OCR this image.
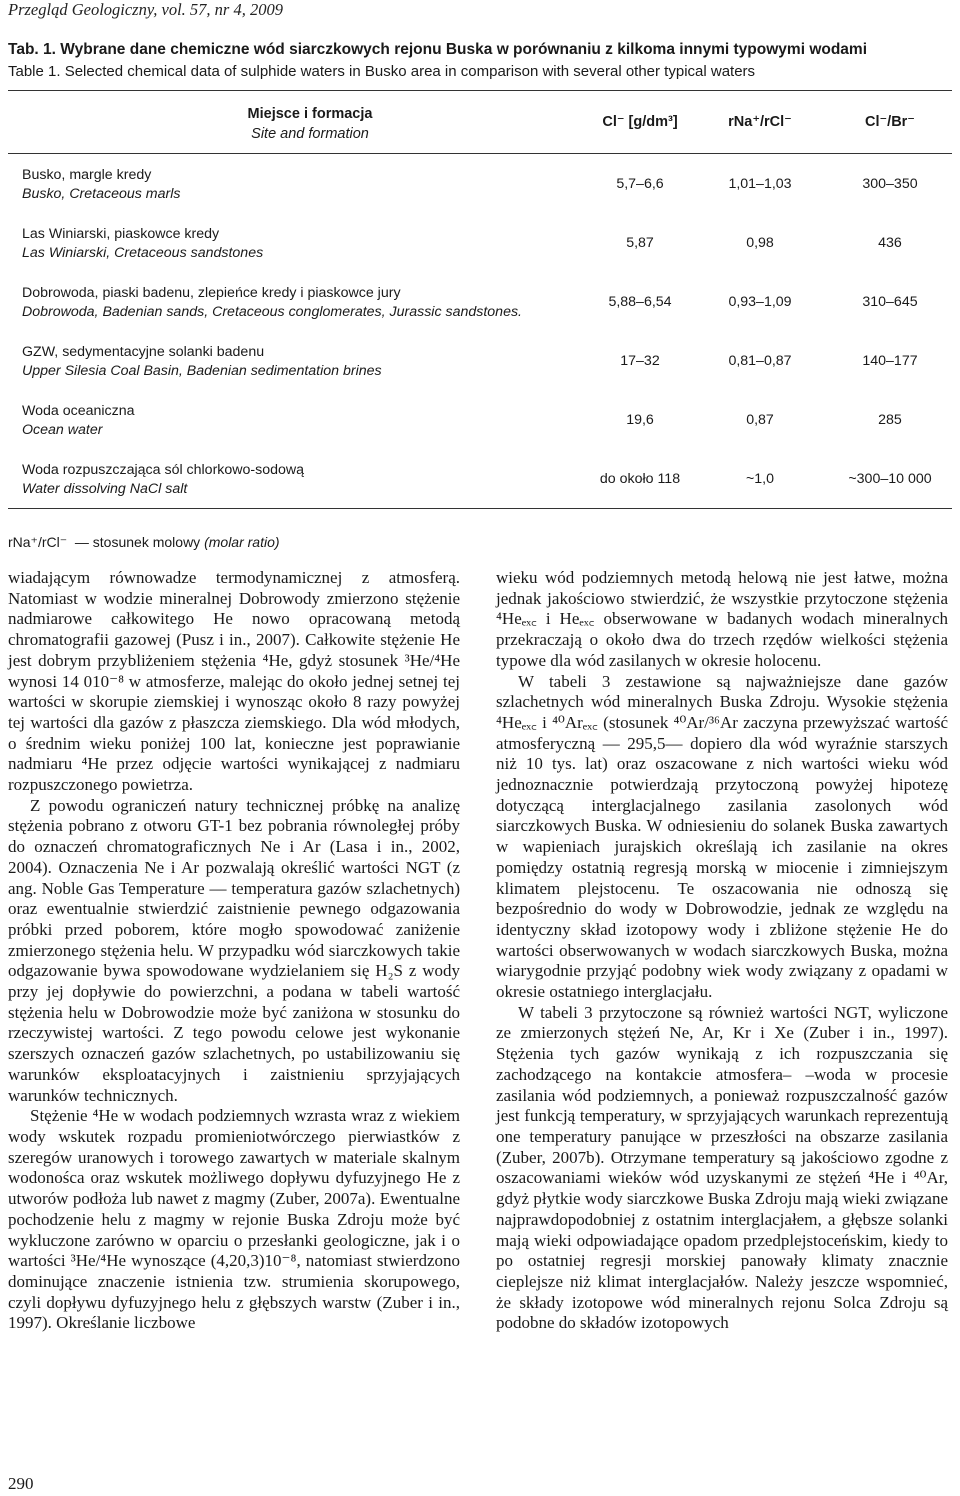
Przegląd Geologiczny, vol. 57, nr 4, 2009
Tab. 1. Wybrane dane chemiczne wód siarczkowych rejonu Buska w porównaniu z kilkoma innymi typowymi wodami
Table 1. Selected chemical data of sulphide waters in Busko area in comparison with several other typical waters
Miejsce i formacja
Site and formation
Cl⁻ [g/dm³]	rNa⁺/rCl⁻	Cl⁻/Br⁻
Busko, margle kredy
Busko, Cretaceous marls
5,7–6,6	1,01–1,03	300–350
Las Winiarski, piaskowce kredy
Las Winiarski, Cretaceous sandstones
5,87	0,98	436
Dobrowoda, piaski badenu, zlepieńce kredy i piaskowce jury
Dobrowoda, Badenian sands, Cretaceous conglomerates, Jurassic sandstones.
5,88–6,54	0,93–1,09	310–645
GZW, sedymentacyjne solanki badenu
Upper Silesia Coal Basin, Badenian sedimentation brines
17–32	0,81–0,87	140–177
Woda oceaniczna
Ocean water
19,6	0,87	285
Woda rozpuszczająca sól chlorkowo-sodową
Water dissolving NaCl salt
do około 118	~1,0	~300–10 000
rNa⁺/rCl⁻ — stosunek molowy (molar ratio)

wiadającym równowadze termodynamicznej z atmosferą. Natomiast w wodzie mineralnej Dobrowody zmierzono stężenie nadmiarowe całkowitego He nowo opracowaną metodą chromatografii gazowej (Pusz i in., 2007). Całkowite stężenie He jest dobrym przybliżeniem stężenia ⁴He, gdyż stosunek ³He/⁴He wynosi 14 010⁻⁸ w atmosferze, malejąc do około jednej setnej tej wartości w skorupie ziemskiej i wynosząc około 8 razy powyżej tej wartości dla gazów z płaszcza ziemskiego. Dla wód młodych, o średnim wieku poniżej 100 lat, konieczne jest poprawianie nadmiaru ⁴He przez odjęcie wartości wynikającej z nadmiaru rozpuszczonego powietrza.

Z powodu ograniczeń natury technicznej próbkę na analizę stężenia pobrano z otworu GT-1 bez pobrania równoległej próby do oznaczeń chromatograficznych Ne i Ar (Lasa i in., 2002, 2004). Oznaczenia Ne i Ar pozwalają określić wartości NGT (z ang. Noble Gas Temperature — temperatura gazów szlachetnych) oraz ewentualnie stwierdzić zaistnienie pewnego odgazowania próbki przed poborem, które mogło spowodować zaniżenie zmierzonego stężenia helu. W przypadku wód siarczkowych takie odgazowanie bywa spowodowane wydzielaniem się H₂S z wody przy jej dopływie do powierzchni, a podana w tabeli wartość stężenia helu w Dobrowodzie może być zaniżona w stosunku do rzeczywistej wartości. Z tego powodu celowe jest wykonanie szerszych oznaczeń gazów szlachetnych, po ustabilizowaniu się warunków eksploatacyjnych i zaistnieniu sprzyjających warunków technicznych.

Stężenie ⁴He w wodach podziemnych wzrasta wraz z wiekiem wody wskutek rozpadu promieniotwórczego pierwiastków z szeregów uranowych i torowego zawartych w materiale skalnym wodonośca oraz wskutek możliwego dopływu dyfuzyjnego He z utworów podłoża lub nawet z magmy (Zuber, 2007a). Ewentualne pochodzenie helu z magmy w rejonie Buska Zdroju może być wykluczone zarówno w oparciu o przesłanki geologiczne, jak i o wartości ³He/⁴He wynoszące (4,20,3)10⁻⁸, natomiast stwierdzono dominujące znaczenie istnienia tzw. strumienia skorupowego, czyli dopływu dyfuzyjnego helu z głębszych warstw (Zuber i in., 1997). Określanie liczbowe

wieku wód podziemnych metodą helową nie jest łatwe, można jednak jakościowo stwierdzić, że wszystkie przytoczone stężenia ⁴Heₑₓ꜀ i Heₑₓ꜀ obserwowane w badanych wodach mineralnych przekraczają o około dwa do trzech rzędów wielkości stężenia typowe dla wód zasilanych w okresie holocenu.

W tabeli 3 zestawione są najważniejsze dane gazów szlachetnych wód mineralnych Buska Zdroju. Wysokie stężenia ⁴Heₑₓ꜀ i ⁴⁰Arₑₓ꜀ (stosunek ⁴⁰Ar/³⁶Ar zaczyna przewyższać wartość atmosferyczną — 295,5— dopiero dla wód wyraźnie starszych niż 10 tys. lat) oraz oszacowane z nich wartości wieku wód jednoznacznie potwierdzają przytoczoną powyżej hipotezę dotyczącą interglacjalnego zasilania zasolonych wód siarczkowych Buska. W odniesieniu do solanek Buska zawartych w wapieniach jurajskich określają ich zasilanie na okres pomiędzy ostatnią regresją morską w miocenie i zimniejszym klimatem plejstocenu. Te oszacowania nie odnoszą się bezpośrednio do wody w Dobrowodzie, jednak ze względu na identyczny skład izotopowy wody i zbliżone stężenie He do wartości obserwowanych w wodach siarczkowych Buska, można wiarygodnie przyjąć podobny wiek wody związany z opadami w okresie ostatniego interglacjału.

W tabeli 3 przytoczone są również wartości NGT, wyliczone ze zmierzonych stężeń Ne, Ar, Kr i Xe (Zuber i in., 1997). Stężenia tych gazów wynikają z ich rozpuszczania się zachodzącego na kontakcie atmosfera– –woda w procesie zasilania wód podziemnych, a ponieważ rozpuszczalność gazów jest funkcją temperatury, w sprzyjających warunkach reprezentują one temperatury panujące w przeszłości na obszarze zasilania (Zuber, 2007b). Otrzymane temperatury są jakościowo zgodne z oszacowaniami wieków wód uzyskanymi ze stężeń ⁴He i ⁴⁰Ar, gdyż płytkie wody siarczkowe Buska Zdroju mają wieki związane najprawdopodobniej z ostatnim interglacjałem, a głębsze solanki mają wieki odpowiadające opadom przedplejstoceńskim, kiedy to po ostatniej regresji morskiej panowały klimaty znacznie cieplejsze niż klimat interglacjałów. Należy jeszcze wspomnieć, że składy izotopowe wód mineralnych rejonu Solca Zdroju są podobne do składów izotopowych

290
